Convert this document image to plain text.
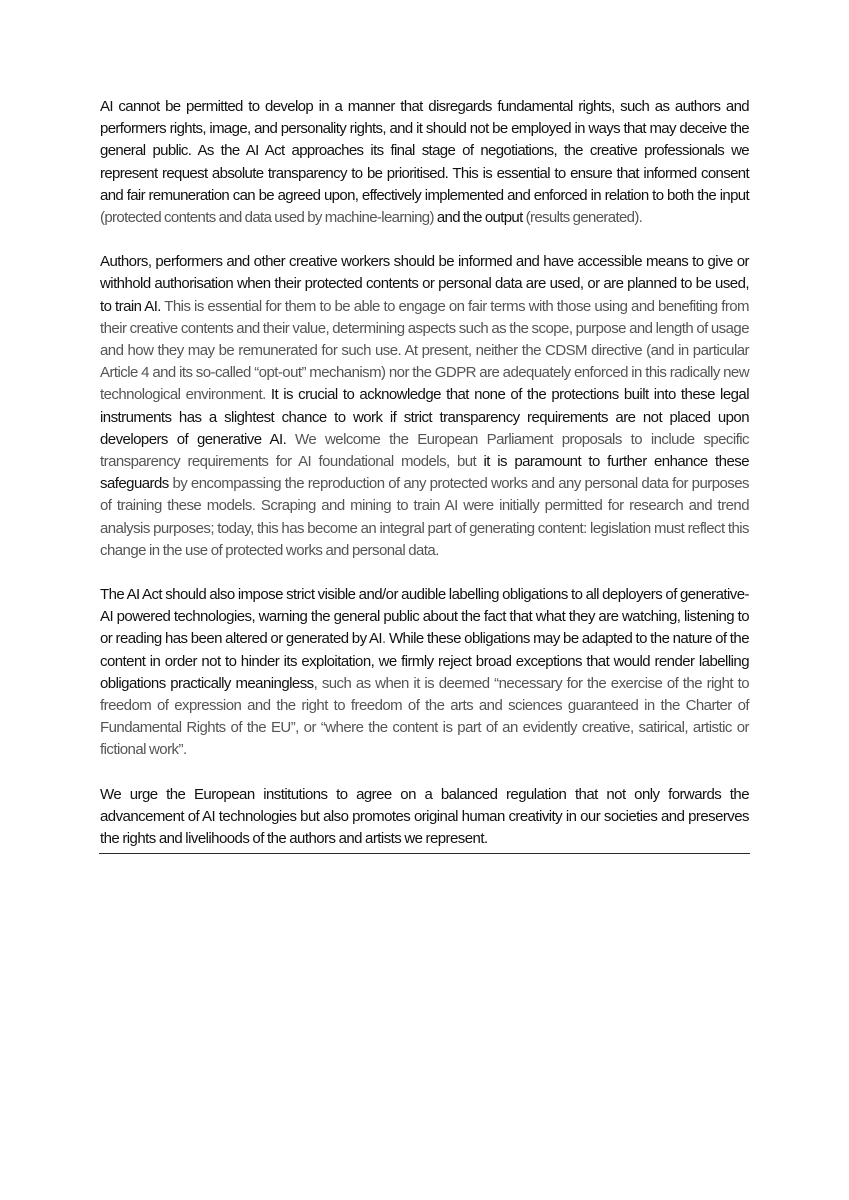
AI cannot be permitted to develop in a manner that disregards fundamental rights, such as authors and performers rights, image, and personality rights, and it should not be employed in ways that may deceive the general public. As the AI Act approaches its final stage of negotiations, the creative professionals we represent request absolute transparency to be prioritised. This is essential to ensure that informed consent and fair remuneration can be agreed upon, effectively implemented and enforced in relation to both the input (protected contents and data used by machine-learning) and the output (results generated).

Authors, performers and other creative workers should be informed and have accessible means to give or withhold authorisation when their protected contents or personal data are used, or are planned to be used, to train AI. This is essential for them to be able to engage on fair terms with those using and benefiting from their creative contents and their value, determining aspects such as the scope, purpose and length of usage and how they may be remunerated for such use. At present, neither the CDSM directive (and in particular Article 4 and its so-called “opt-out” mechanism) nor the GDPR are adequately enforced in this radically new technological environment. It is crucial to acknowledge that none of the protections built into these legal instruments has a slightest chance to work if strict transparency requirements are not placed upon developers of generative AI. We welcome the European Parliament proposals to include specific transparency requirements for AI foundational models, but it is paramount to further enhance these safeguards by encompassing the reproduction of any protected works and any personal data for purposes of training these models. Scraping and mining to train AI were initially permitted for research and trend analysis purposes; today, this has become an integral part of generating content: legislation must reflect this change in the use of protected works and personal data.

The AI Act should also impose strict visible and/or audible labelling obligations to all deployers of generative-AI powered technologies, warning the general public about the fact that what they are watching, listening to or reading has been altered or generated by AI. While these obligations may be adapted to the nature of the content in order not to hinder its exploitation, we firmly reject broad exceptions that would render labelling obligations practically meaningless, such as when it is deemed “necessary for the exercise of the right to freedom of expression and the right to freedom of the arts and sciences guaranteed in the Charter of Fundamental Rights of the EU”, or “where the content is part of an evidently creative, satirical, artistic or fictional work”.

We urge the European institutions to agree on a balanced regulation that not only forwards the advancement of AI technologies but also promotes original human creativity in our societies and preserves the rights and livelihoods of the authors and artists we represent.
